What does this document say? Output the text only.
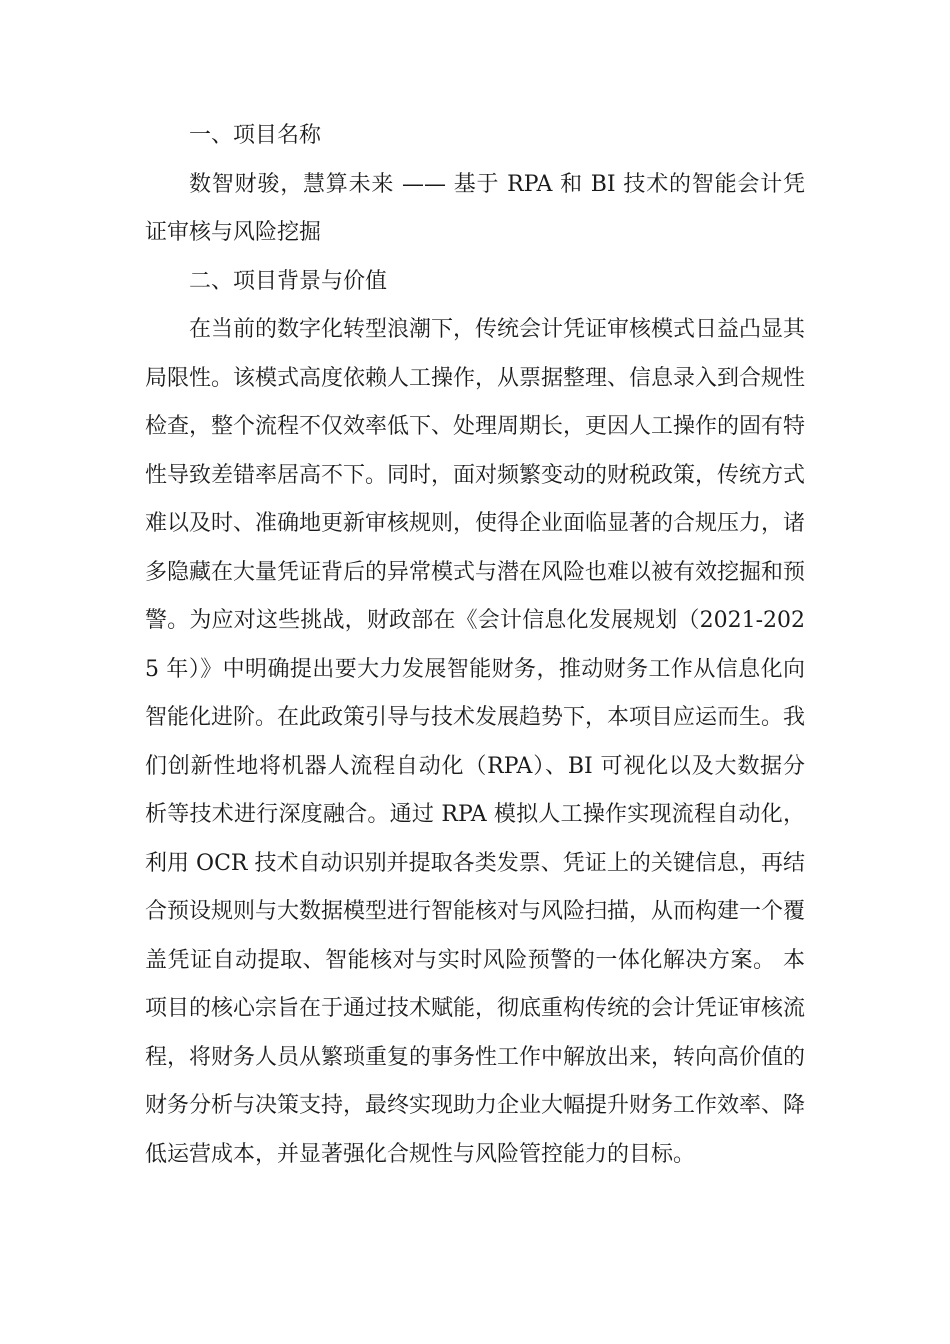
一、项目名称

数智财骏，慧算未来 —— 基于 RPA 和 BI 技术的智能会计凭证审核与风险挖掘

二、项目背景与价值

在当前的数字化转型浪潮下，传统会计凭证审核模式日益凸显其局限性。该模式高度依赖人工操作，从票据整理、信息录入到合规性检查，整个流程不仅效率低下、处理周期长，更因人工操作的固有特性导致差错率居高不下。同时，面对频繁变动的财税政策，传统方式难以及时、准确地更新审核规则，使得企业面临显著的合规压力，诸多隐藏在大量凭证背后的异常模式与潜在风险也难以被有效挖掘和预警。为应对这些挑战，财政部在《会计信息化发展规划（2021-2025 年）》中明确提出要大力发展智能财务，推动财务工作从信息化向智能化进阶。在此政策引导与技术发展趋势下，本项目应运而生。我们创新性地将机器人流程自动化（RPA）、BI 可视化以及大数据分析等技术进行深度融合。通过 RPA 模拟人工操作实现流程自动化，利用 OCR 技术自动识别并提取各类发票、凭证上的关键信息，再结合预设规则与大数据模型进行智能核对与风险扫描，从而构建一个覆盖凭证自动提取、智能核对与实时风险预警的一体化解决方案。 本项目的核心宗旨在于通过技术赋能，彻底重构传统的会计凭证审核流程，将财务人员从繁琐重复的事务性工作中解放出来，转向高价值的财务分析与决策支持，最终实现助力企业大幅提升财务工作效率、降低运营成本，并显著强化合规性与风险管控能力的目标。
